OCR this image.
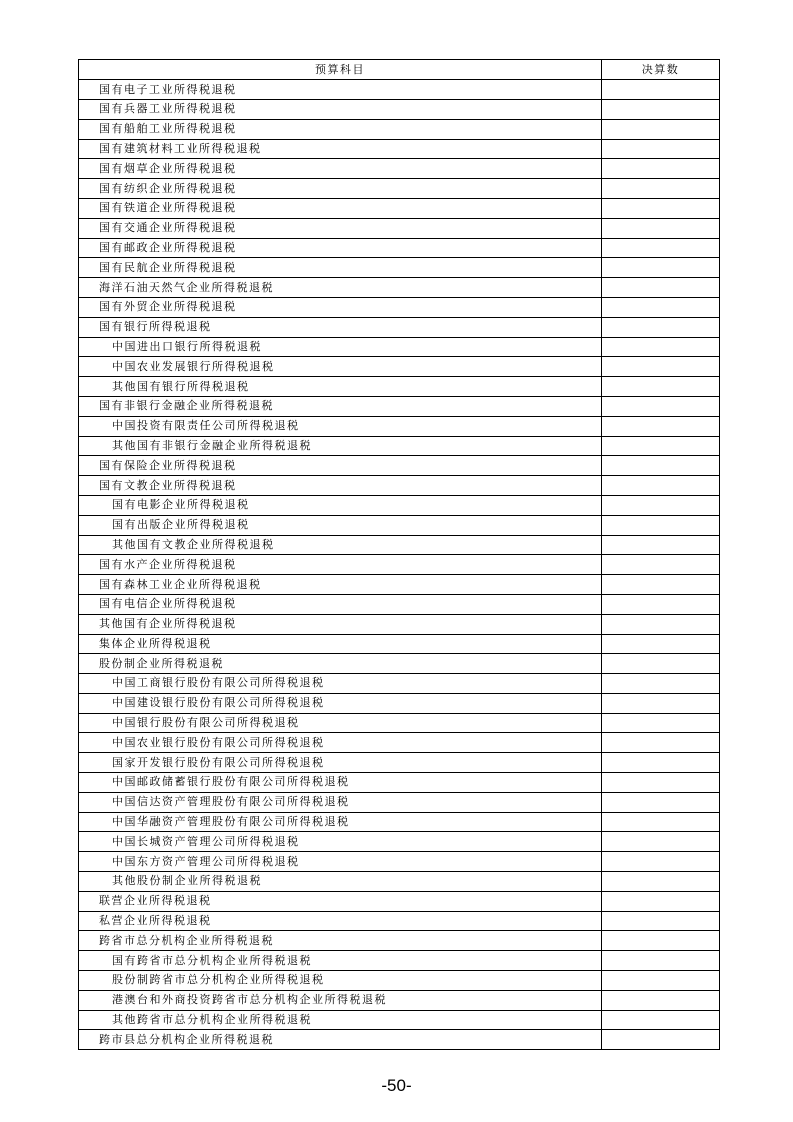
预算科目	决算数
国有电子工业所得税退税	
国有兵器工业所得税退税	
国有船舶工业所得税退税	
国有建筑材料工业所得税退税	
国有烟草企业所得税退税	
国有纺织企业所得税退税	
国有铁道企业所得税退税	
国有交通企业所得税退税	
国有邮政企业所得税退税	
国有民航企业所得税退税	
海洋石油天然气企业所得税退税	
国有外贸企业所得税退税	
国有银行所得税退税	
中国进出口银行所得税退税	
中国农业发展银行所得税退税	
其他国有银行所得税退税	
国有非银行金融企业所得税退税	
中国投资有限责任公司所得税退税	
其他国有非银行金融企业所得税退税	
国有保险企业所得税退税	
国有文教企业所得税退税	
国有电影企业所得税退税	
国有出版企业所得税退税	
其他国有文教企业所得税退税	
国有水产企业所得税退税	
国有森林工业企业所得税退税	
国有电信企业所得税退税	
其他国有企业所得税退税	
集体企业所得税退税	
股份制企业所得税退税	
中国工商银行股份有限公司所得税退税	
中国建设银行股份有限公司所得税退税	
中国银行股份有限公司所得税退税	
中国农业银行股份有限公司所得税退税	
国家开发银行股份有限公司所得税退税	
中国邮政储蓄银行股份有限公司所得税退税	
中国信达资产管理股份有限公司所得税退税	
中国华融资产管理股份有限公司所得税退税	
中国长城资产管理公司所得税退税	
中国东方资产管理公司所得税退税	
其他股份制企业所得税退税	
联营企业所得税退税	
私营企业所得税退税	
跨省市总分机构企业所得税退税	
国有跨省市总分机构企业所得税退税	
股份制跨省市总分机构企业所得税退税	
港澳台和外商投资跨省市总分机构企业所得税退税	
其他跨省市总分机构企业所得税退税	
跨市县总分机构企业所得税退税	
-50-
